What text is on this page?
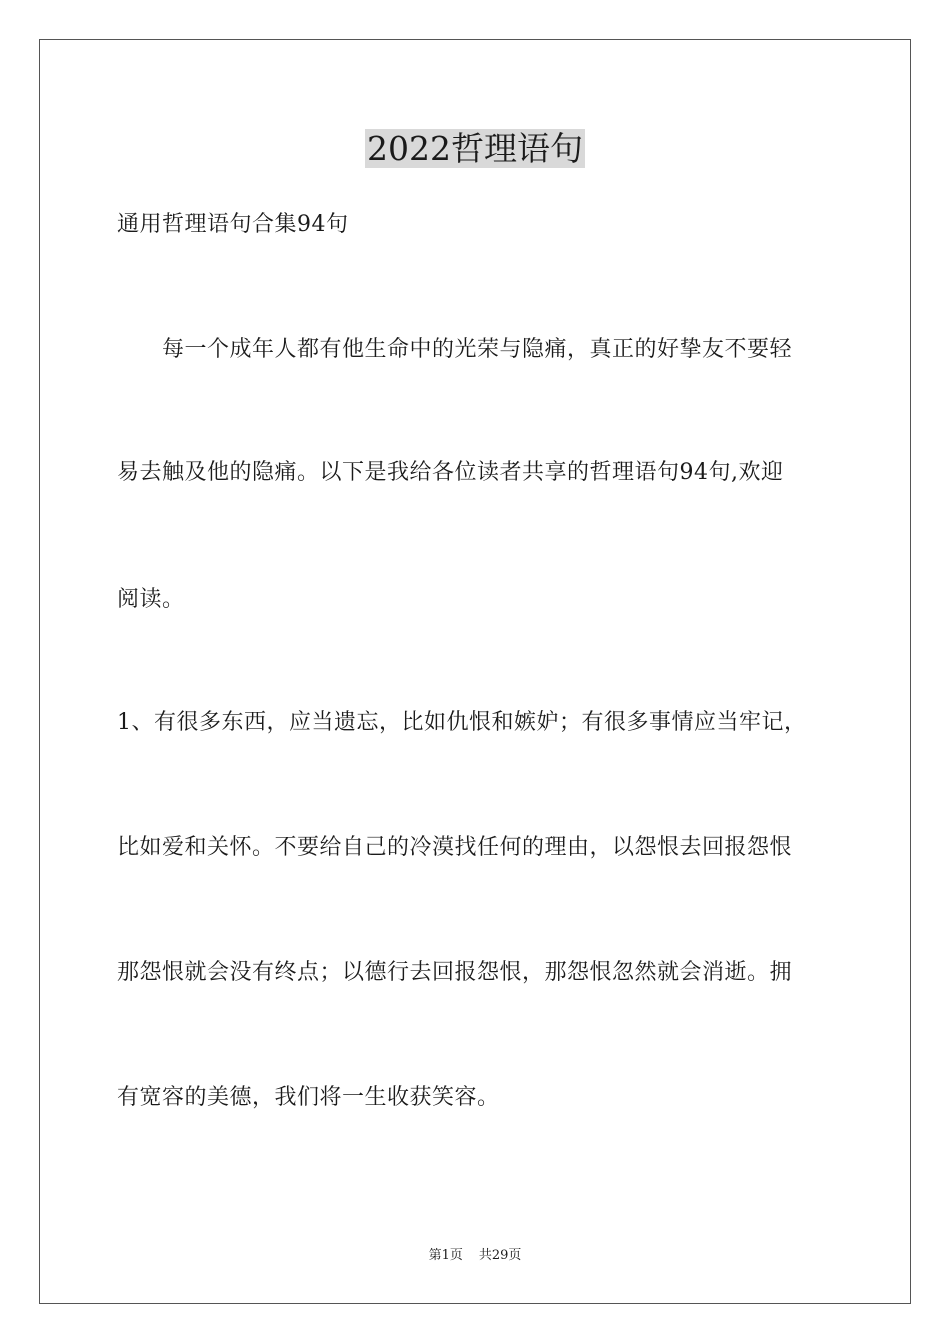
2022哲理语句
通用哲理语句合集94句
每一个成年人都有他生命中的光荣与隐痛，真正的好挚友不要轻
易去触及他的隐痛。以下是我给各位读者共享的哲理语句94句,欢迎
阅读。
1、有很多东西，应当遗忘，比如仇恨和嫉妒；有很多事情应当牢记，
比如爱和关怀。不要给自己的冷漠找任何的理由，以怨恨去回报怨恨
那怨恨就会没有终点；以德行去回报怨恨，那怨恨忽然就会消逝。拥
有宽容的美德，我们将一生收获笑容。
第1页 共29页
